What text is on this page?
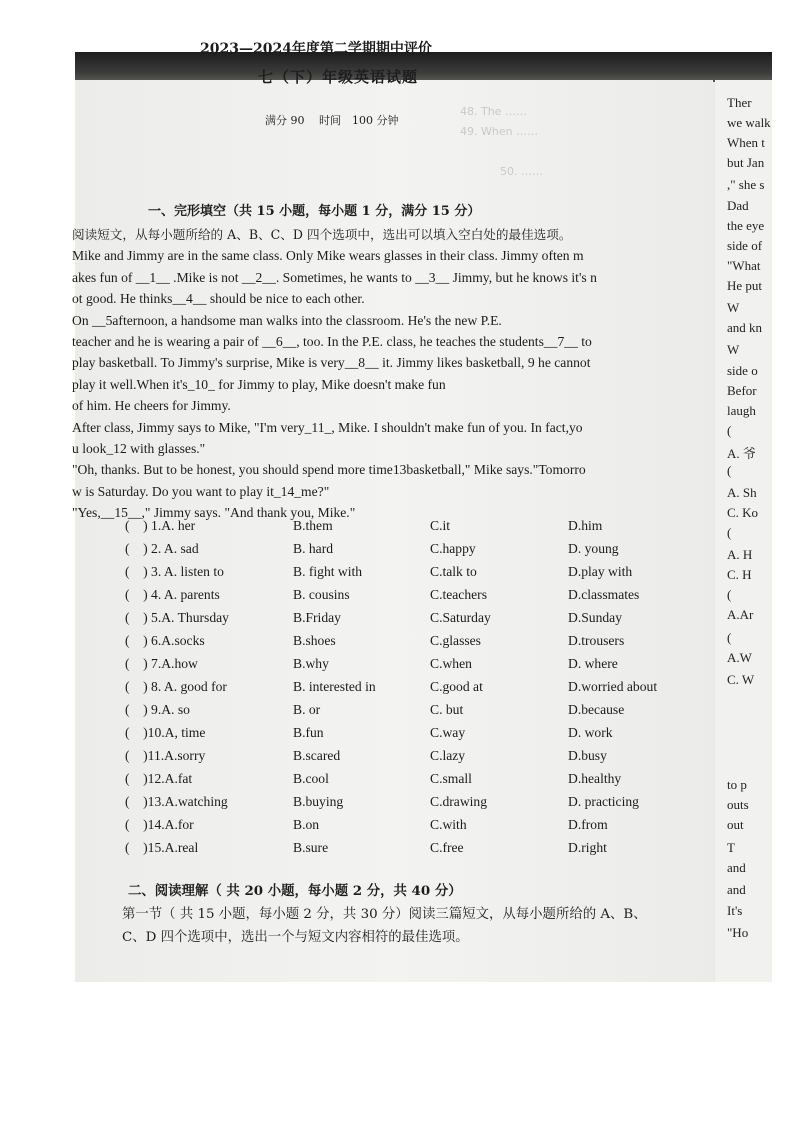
Ther
we walk
When t
but Jan
," she s
Dad
the eye
side of
"What
He put
W
and kn
W
side o
Befor
laugh
(
A. 爷
(
A. Sh
C. Ko
(
A. H
C. H
(
A.Ar
(
A.W
C. W
to p
outs
out
T
and
and
It's
"Ho
48. The ……
49. When ……
50. ……
2023—2024年度第二学期期中评价
七（下）年级英语试题
满分 90　 时间　100 分钟
一、完形填空（共 15 小题，每小题 1 分，满分 15 分）
阅读短文，从每小题所给的 A、B、C、D 四个选项中，选出可以填入空白处的最佳选项。
Mike and Jimmy are in the same class. Only Mike wears glasses in their class. Jimmy often m
akes fun of __1__ .Mike is not __2__. Sometimes, he wants to __3__ Jimmy, but he knows it's n
ot good. He thinks__4__ should be nice to each other.
On __5afternoon, a handsome man walks into the classroom. He's the new P.E.
teacher and he is wearing a pair of __6__, too. In the P.E. class, he teaches the students__7__ to
play basketball. To Jimmy's surprise, Mike is very__8__ it. Jimmy likes basketball, 9 he cannot
play it well.When it's_10_ for Jimmy to play, Mike doesn't make fun
of him. He cheers for Jimmy.
After class, Jimmy says to Mike, "I'm very_11_, Mike. I shouldn't make fun of you. In fact,yo
u look_12 with glasses."
"Oh, thanks. But to be honest, you should spend more time13basketball," Mike says."Tomorro
w is Saturday. Do you want to play it_14_me?"
"Yes,__15__," Jimmy says. "And thank you, Mike."
(　) 1.A. her	B.them	C.it	D.him
(　) 2. A. sad	B. hard	C.happy	D. young
(　) 3. A. listen to	B. fight with	C.talk to	D.play with
(　) 4. A. parents	B. cousins	C.teachers	D.classmates
(　) 5.A. Thursday	B.Friday	C.Saturday	D.Sunday
(　) 6.A.socks	B.shoes	C.glasses	D.trousers
(　) 7.A.how	B.why	C.when	D. where
(　) 8. A. good for	B. interested in	C.good at	D.worried about
(　) 9.A. so	B. or	C. but	D.because
(　)10.A, time	B.fun	C.way	D. work
(　)11.A.sorry	B.scared	C.lazy	D.busy
(　)12.A.fat	B.cool	C.small	D.healthy
(　)13.A.watching	B.buying	C.drawing	D. practicing
(　)14.A.for	B.on	C.with	D.from
(　)15.A.real	B.sure	C.free	D.right
二、阅读理解（ 共 20 小题，每小题 2 分，共 40 分）
第一节（ 共 15 小题，每小题 2 分，共 30 分）阅读三篇短文，从每小题所给的 A、B、
C、D 四个选项中，选出一个与短文内容相符的最佳选项。
